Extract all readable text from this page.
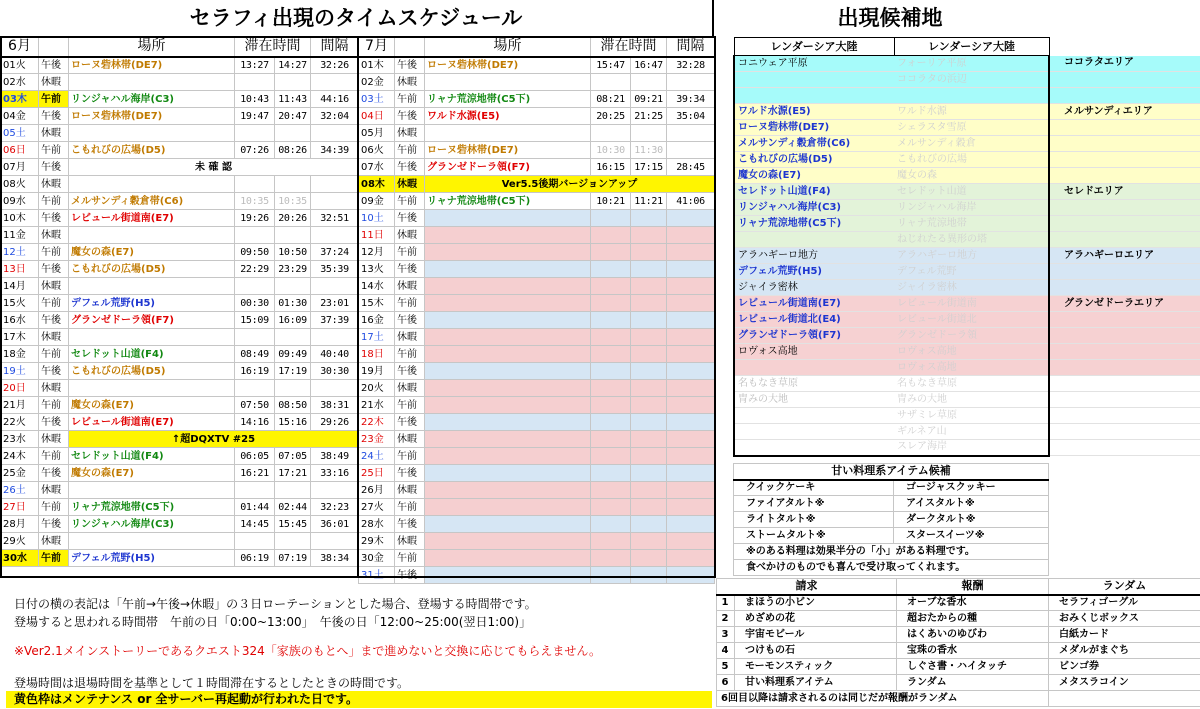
セラフィ出現のタイムスケジュール	出現候補地
6月		場所	滞在時間		間隔
01火	午後	ローヌ砦林帯(DE7)	13:27	14:27	32:26
02水	休暇				
03木	午前	リンジャハル海岸(C3)	10:43	11:43	44:16
04金	午後	ローヌ砦林帯(DE7)	19:47	20:47	32:04
05土	休暇				
06日	午前	こもれびの広場(D5)	07:26	08:26	34:39
07月	午後	未 確 認			
08火	休暇				
09水	午前	メルサンディ穀倉帯(C6)	10:35	10:35	
10木	午後	レビュール街道南(E7)	19:26	20:26	32:51
11金	休暇				
12土	午前	魔女の森(E7)	09:50	10:50	37:24
13日	午後	こもれびの広場(D5)	22:29	23:29	35:39
14月	休暇				
15火	午前	デフェル荒野(H5)	00:30	01:30	23:01
16水	午後	グランゼドーラ領(F7)	15:09	16:09	37:39
17木	休暇				
18金	午前	セレドット山道(F4)	08:49	09:49	40:40
19土	午後	こもれびの広場(D5)	16:19	17:19	30:30
20日	休暇				
21月	午前	魔女の森(E7)	07:50	08:50	38:31
22火	午後	レビュール街道南(E7)	14:16	15:16	29:26
23水	休暇	↑超DQXTV #25			
24木	午前	セレドット山道(F4)	06:05	07:05	38:49
25金	午後	魔女の森(E7)	16:21	17:21	33:16
26土	休暇				
27日	午前	リャナ荒涼地帯(C5下)	01:44	02:44	32:23
28月	午後	リンジャハル海岸(C3)	14:45	15:45	36:01
29火	休暇				
30水	午前	デフェル荒野(H5)	06:19	07:19	38:34
7月		場所	滞在時間		間隔
01木	午後	ローヌ砦林帯(DE7)	15:47	16:47	32:28
02金	休暇				
03土	午前	リャナ荒涼地帯(C5下)	08:21	09:21	39:34
04日	午後	ワルド水源(E5)	20:25	21:25	35:04
05月	休暇				
06火	午前	ローヌ砦林帯(DE7)	10:30	11:30	
07水	午後	グランゼドーラ領(F7)	16:15	17:15	28:45
08木	休暇	Ver5.5後期バージョンアップ			
09金	午前	リャナ荒涼地帯(C5下)	10:21	11:21	41:06
10土	午後				
11日	休暇				
12月	午前				
13火	午後				
14水	休暇				
15木	午前				
16金	午後				
17土	休暇				
18日	午前				
19月	午後				
20火	休暇				
21水	午前				
22木	午後				
23金	休暇				
24土	午前				
25日	午後				
26月	休暇				
27火	午前				
28水	午後				
29木	休暇				
30金	午前				
31土	午後				
レンダーシア大陸	レンダーシア大陸	
コニウェア平原	フォーリア平原	ココラタエリア
	ココラタの浜辺	

ワルド水源(E5)	ワルド水源	メルサンディエリア
ローヌ砦林帯(DE7)	シェラスタ雪原	
メルサンディ穀倉帯(C6)	メルサンディ穀倉	
こもれびの広場(D5)	こもれびの広場	
魔女の森(E7)	魔女の森	
セレドット山道(F4)	セレドット山道	セレドエリア
リンジャハル海岸(C3)	リンジャハル海岸	
リャナ荒涼地帯(C5下)	リャナ荒涼地帯	
	ねじれたる異形の塔	
アラハギーロ地方	アラハギーロ地方	アラハギーロエリア
デフェル荒野(H5)	デフェル荒野	
ジャイラ密林	ジャイラ密林	
レビュール街道南(E7)	レビュール街道南	グランゼドーラエリア
レビュール街道北(E4)	レビュール街道北	
グランゼドーラ領(F7)	グランゼドーラ領	
ロヴォス高地	ロヴォス高地	
	ロヴォス高地	
名もなき草原	名もなき草原	
冑みの大地	冑みの大地	
	サザミレ草原	
	ギルネア山	
	スレア海岸	
甘い料理系アイテム候補	
クイックケーキ	ゴージャスクッキー
ファイアタルト※	アイスタルト※
ライトタルト※	ダークタルト※
ストームタルト※	スタースイーツ※
※のある料理は効果半分の「小」がある料理です。	
食べかけのものでも喜んで受け取ってくれます。	
請求		報酬	ランダム
1	まほうの小ビン	オーブな香水	セラフィゴーグル
2	めざめの花	超おたからの種	おみくじボックス
3	宇宙モビール	はくあいのゆびわ	白紙カード
4	つけもの石	宝珠の香水	メダルがまぐち
5	モーモンスティック	しぐさ書・ハイタッチ	ビンゴ券
6	甘い料理系アイテム	ランダム	メタスラコイン
6回目以降は請求されるのは同じだが報酬がランダム			
日付の横の表記は「午前→午後→休暇」の３日ローテーションとした場合、登場する時間帯です。
登場すると思われる時間帯　午前の日「0:00~13:00」　午後の日「12:00~25:00(翌日1:00)」
※Ver2.1メインストーリーであるクエスト324「家族のもとへ」まで進めないと交換に応じてもらえません。
登場時間は退場時間を基準として１時間滞在するとしたときの時間です。
黄色枠はメンテナンス or 全サーバー再起動が行われた日です。
